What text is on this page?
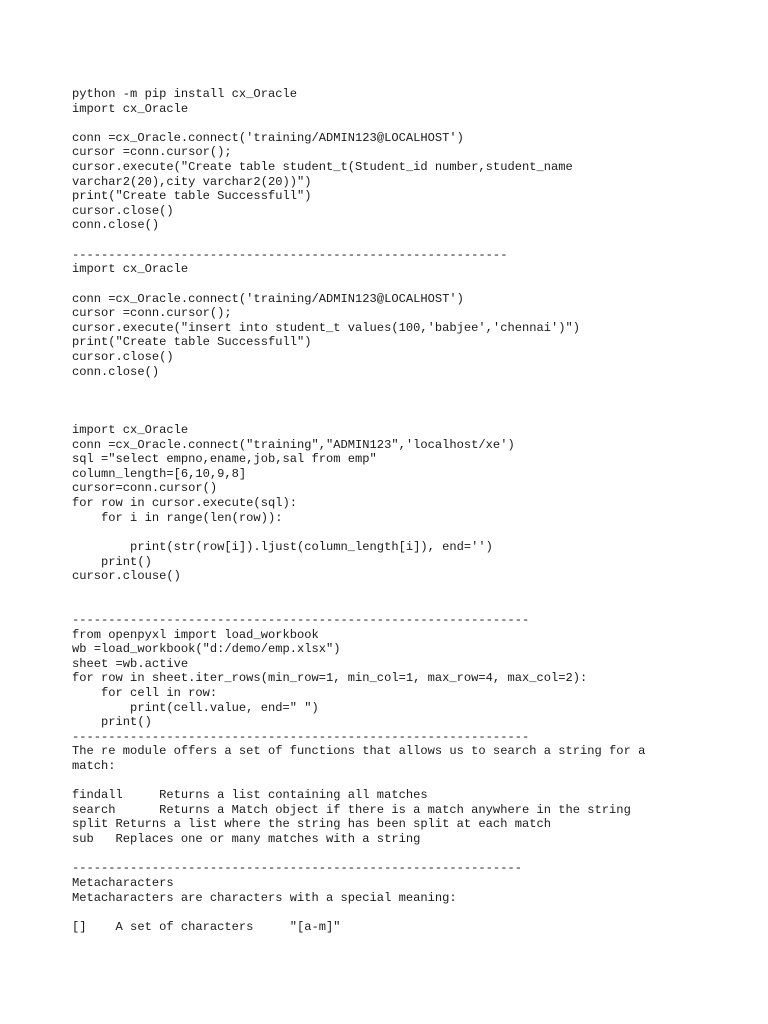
python -m pip install cx_Oracle
import cx_Oracle
conn =cx_Oracle.connect('training/ADMIN123@LOCALHOST')
cursor =conn.cursor();
cursor.execute("Create table student_t(Student_id number,student_name
varchar2(20),city varchar2(20))")
print("Create table Successfull")
cursor.close()
conn.close()
------------------------------------------------------------
import cx_Oracle
conn =cx_Oracle.connect('training/ADMIN123@LOCALHOST')
cursor =conn.cursor();
cursor.execute("insert into student_t values(100,'babjee','chennai')")
print("Create table Successfull")
cursor.close()
conn.close()
import cx_Oracle
conn =cx_Oracle.connect("training","ADMIN123",'localhost/xe')
sql ="select empno,ename,job,sal from emp"
column_length=[6,10,9,8]
cursor=conn.cursor()
for row in cursor.execute(sql):
for i in range(len(row)):
print(str(row[i]).ljust(column_length[i]), end='')
print()
cursor.clouse()
---------------------------------------------------------------
from openpyxl import load_workbook
wb =load_workbook("d:/demo/emp.xlsx")
sheet =wb.active
for row in sheet.iter_rows(min_row=1, min_col=1, max_row=4, max_col=2):
for cell in row:
print(cell.value, end=" ")
print()
---------------------------------------------------------------
The re module offers a set of functions that allows us to search a string for a
match:
findall     Returns a list containing all matches
search      Returns a Match object if there is a match anywhere in the string
split Returns a list where the string has been split at each match
sub   Replaces one or many matches with a string
--------------------------------------------------------------
Metacharacters
Metacharacters are characters with a special meaning:
[]    A set of characters     "[a-m]"
